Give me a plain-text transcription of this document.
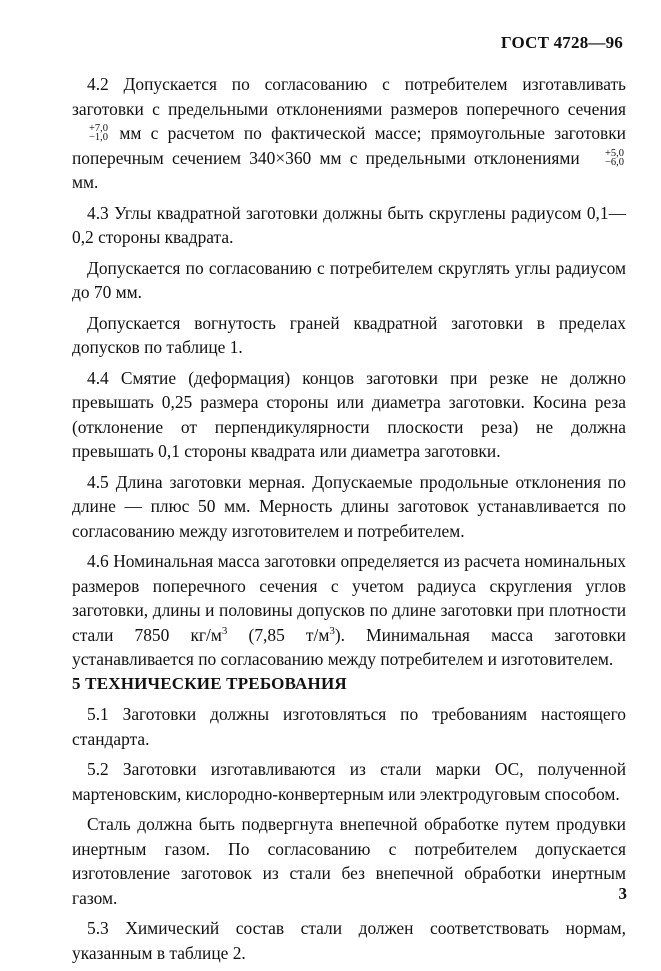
ГОСТ 4728—96

4.2 Допускается по согласованию с потребителем изготавливать заготовки с предельными отклонениями размеров поперечного сечения
+7,0
−1,0 мм с расчетом по фактической массе; прямоугольные заготовки поперечным сечением 340×360 мм с предельными отклонениями	+5,0
−6,0
мм.

4.3 Углы квадратной заготовки должны быть скруглены радиусом 0,1—0,2 стороны квадрата.

Допускается по согласованию с потребителем скруглять углы радиусом до 70 мм.

Допускается вогнутость граней квадратной заготовки в пределах допусков по таблице 1.

4.4 Смятие (деформация) концов заготовки при резке не должно превышать 0,25 размера стороны или диаметра заготовки. Косина реза (отклонение от перпендикулярности плоскости реза) не должна превышать 0,1 стороны квадрата или диаметра заготовки.

4.5 Длина заготовки мерная. Допускаемые продольные отклонения по длине — плюс 50 мм. Мерность длины заготовок устанавливается по согласованию между изготовителем и потребителем.

4.6 Номинальная масса заготовки определяется из расчета номинальных размеров поперечного сечения с учетом радиуса скругления углов заготовки, длины и половины допусков по длине заготовки при плотности стали 7850 $кг/м^3$ (7,85 $т/м^3$). Минимальная масса заготовки устанавливается по согласованию между потребителем и изготовителем.

5 ТЕХНИЧЕСКИЕ ТРЕБОВАНИЯ

5.1 Заготовки должны изготовляться по требованиям настоящего стандарта.

5.2 Заготовки изготавливаются из стали марки ОС, полученной мартеновским, кислородно-конвертерным или электродуговым способом.

Сталь должна быть подвергнута внепечной обработке путем продувки инертным газом. По согласованию с потребителем допускается изготовление заготовок из стали без внепечной обработки инертным газом.

5.3 Химический состав стали должен соответствовать нормам, указанным в таблице 2.

3
